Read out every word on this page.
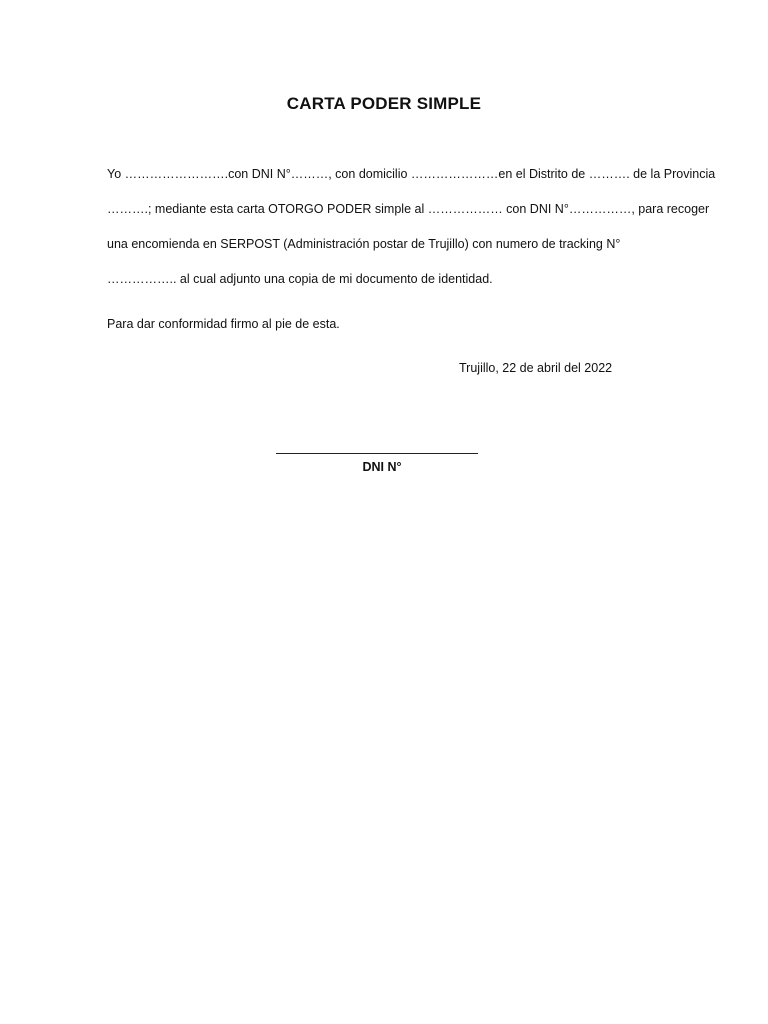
CARTA PODER SIMPLE
Yo …………………….con DNI N°………, con domicilio …………………en el Distrito de ………. de la Provincia
……….; mediante esta carta OTORGO PODER simple al ……………… con DNI N°……………, para recoger
una encomienda en SERPOST (Administración postar de Trujillo) con numero de tracking N°
…………….. al cual adjunto una copia de mi documento de identidad.
Para dar conformidad firmo al pie de esta.
Trujillo, 22 de abril del 2022
DNI N°
